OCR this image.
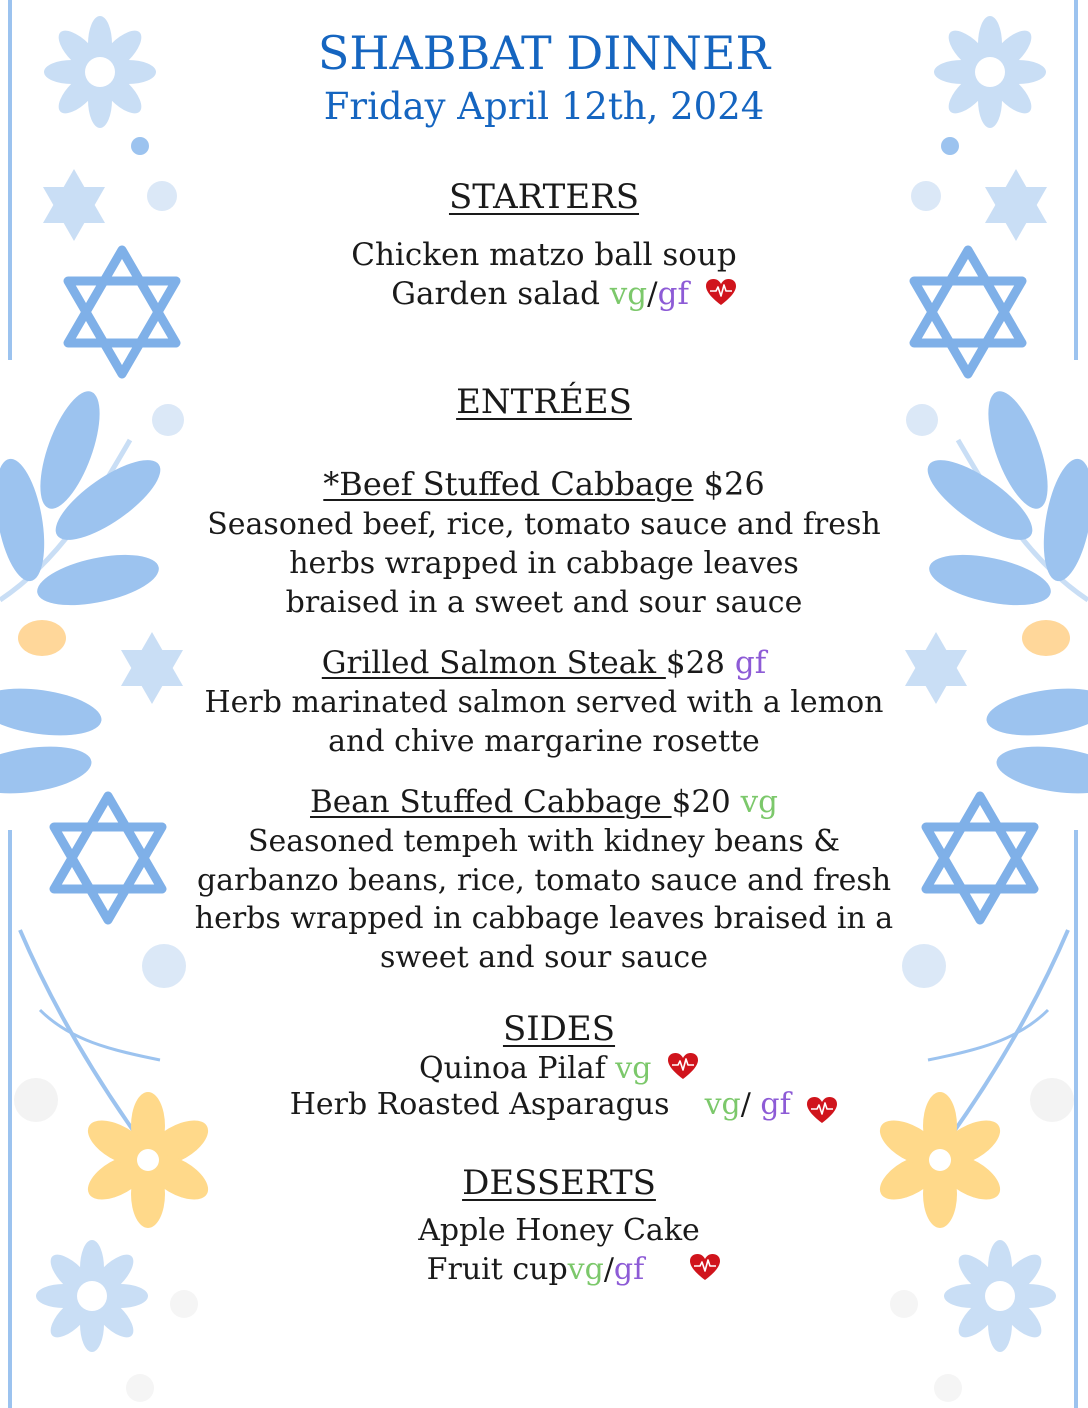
SHABBAT DINNER
Friday April 12th, 2024
STARTERS
Chicken matzo ball soup
Garden salad vg/gf
ENTRÉES
*Beef Stuffed Cabbage $26
Seasoned beef, rice, tomato sauce and fresh
herbs wrapped in cabbage leaves
braised in a sweet and sour sauce
Grilled Salmon Steak $28 gf
Herb marinated salmon served with a lemon
and chive margarine rosette
Bean Stuffed Cabbage $20 vg
Seasoned tempeh with kidney beans &
garbanzo beans, rice, tomato sauce and fresh
herbs wrapped in cabbage leaves braised in a
sweet and sour sauce
SIDES
Quinoa Pilaf vg
Herb Roasted Asparagus vg/ gf
DESSERTS
Apple Honey Cake
Fruit cupvg/gf
